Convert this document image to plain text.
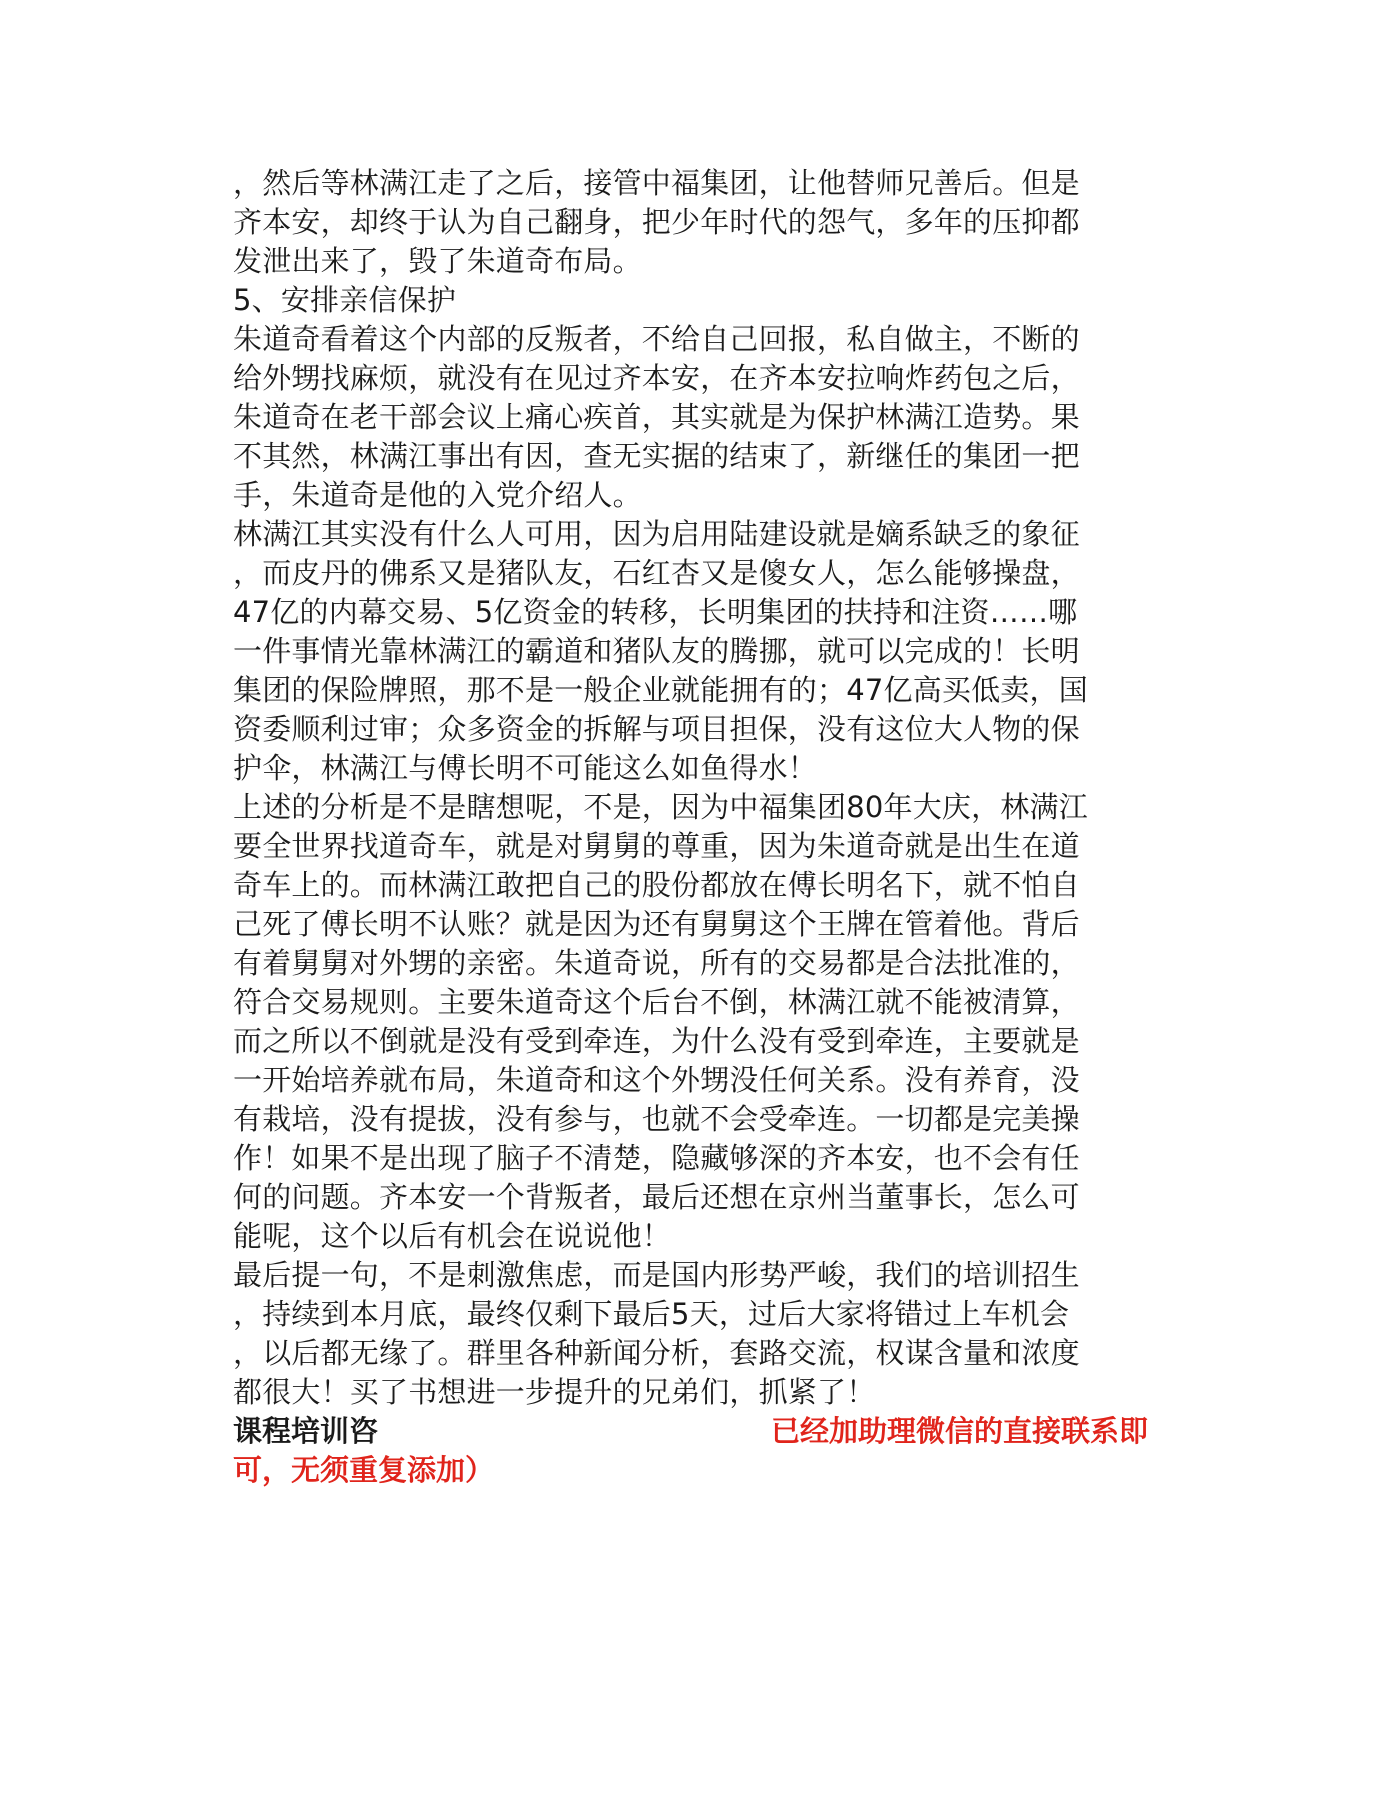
，然后等林满江走了之后，接管中福集团，让他替师兄善后。但是
齐本安，却终于认为自己翻身，把少年时代的怨气，多年的压抑都
发泄出来了，毁了朱道奇布局。
5、安排亲信保护
朱道奇看着这个内部的反叛者，不给自己回报，私自做主，不断的
给外甥找麻烦，就没有在见过齐本安，在齐本安拉响炸药包之后，
朱道奇在老干部会议上痛心疾首，其实就是为保护林满江造势。果
不其然，林满江事出有因，查无实据的结束了，新继任的集团一把
手，朱道奇是他的入党介绍人。
林满江其实没有什么人可用，因为启用陆建设就是嫡系缺乏的象征
，而皮丹的佛系又是猪队友，石红杏又是傻女人，怎么能够操盘，
47亿的内幕交易、5亿资金的转移，长明集团的扶持和注资……哪
一件事情光靠林满江的霸道和猪队友的腾挪，就可以完成的！长明
集团的保险牌照，那不是一般企业就能拥有的；47亿高买低卖，国
资委顺利过审；众多资金的拆解与项目担保，没有这位大人物的保
护伞，林满江与傅长明不可能这么如鱼得水！
上述的分析是不是瞎想呢，不是，因为中福集团80年大庆，林满江
要全世界找道奇车，就是对舅舅的尊重，因为朱道奇就是出生在道
奇车上的。而林满江敢把自己的股份都放在傅长明名下，就不怕自
己死了傅长明不认账？就是因为还有舅舅这个王牌在管着他。背后
有着舅舅对外甥的亲密。朱道奇说，所有的交易都是合法批准的，
符合交易规则。主要朱道奇这个后台不倒，林满江就不能被清算，
而之所以不倒就是没有受到牵连，为什么没有受到牵连，主要就是
一开始培养就布局，朱道奇和这个外甥没任何关系。没有养育，没
有栽培，没有提拔，没有参与，也就不会受牵连。一切都是完美操
作！如果不是出现了脑子不清楚，隐藏够深的齐本安，也不会有任
何的问题。齐本安一个背叛者，最后还想在京州当董事长，怎么可
能呢，这个以后有机会在说说他！
最后提一句，不是刺激焦虑，而是国内形势严峻，我们的培训招生
，持续到本月底，最终仅剩下最后5天，过后大家将错过上车机会
，以后都无缘了。群里各种新闻分析，套路交流，权谋含量和浓度
都很大！买了书想进一步提升的兄弟们，抓紧了！
课程培训咨	已经加助理微信的直接联系即
可，无须重复添加）
